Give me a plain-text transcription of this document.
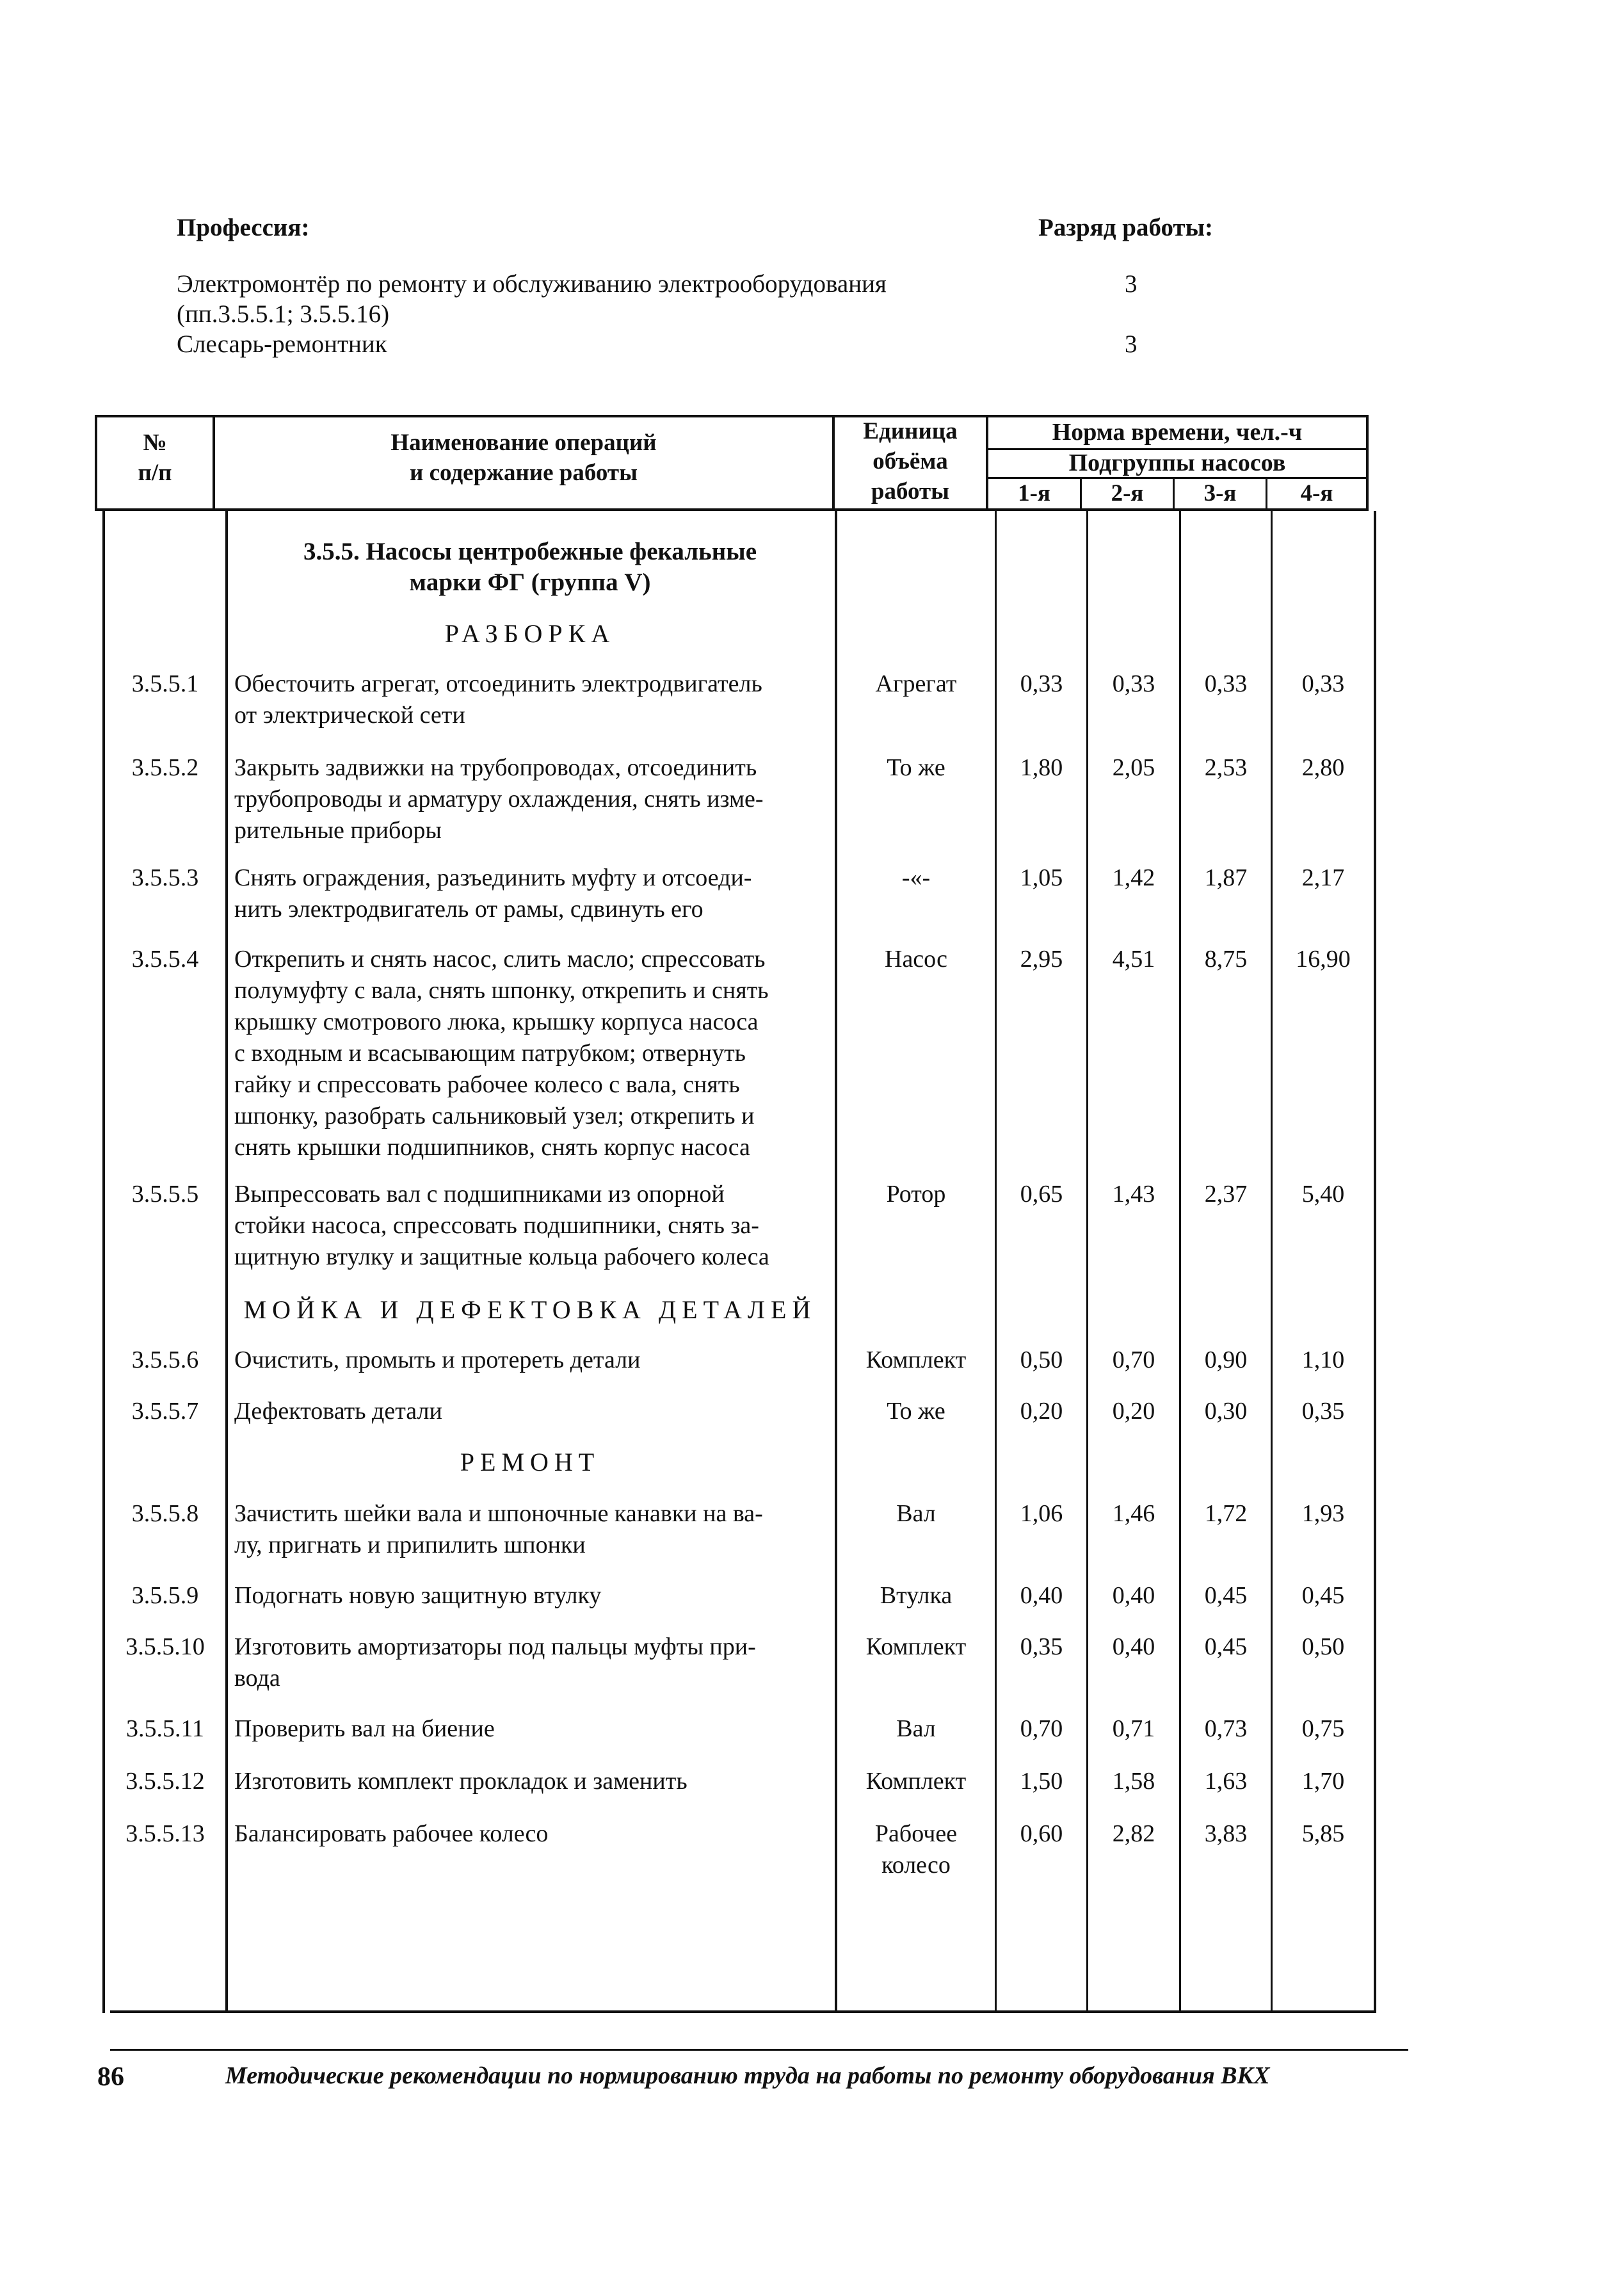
Профессия:	Разряд работы:
Электромонтёр по ремонту и обслуживанию электрооборудования	3
(пп.3.5.5.1; 3.5.5.16)
Слесарь-ремонтник	3
№
п/п
Наименование операций
и содержание работы
Единица
объёма
работы
Норма времени, чел.-ч
Подгруппы насосов
1-я	2-я	3-я	4-я
3.5.5. Насосы центробежные фекальные
марки ФГ (группа V)
РАЗБОРКА
МОЙКА И ДЕФЕКТОВКА ДЕТАЛЕЙ
РЕМОНТ
3.5.5.1	Обесточить агрегат, отсоединить электродвигатель
от электрической сети
Агрегат	0,33	0,33	0,33	0,33
3.5.5.2	Закрыть задвижки на трубопроводах, отсоединить
трубопроводы и арматуру охлаждения, снять изме-
рительные приборы
То же	1,80	2,05	2,53	2,80
3.5.5.3	Снять ограждения, разъединить муфту и отсоеди-
нить электродвигатель от рамы, сдвинуть его
-«-	1,05	1,42	1,87	2,17
3.5.5.4	Открепить и снять насос, слить масло; спрессовать
полумуфту с вала, снять шпонку, открепить и снять
крышку смотрового люка, крышку корпуса насоса
с входным и всасывающим патрубком; отвернуть
гайку и спрессовать рабочее колесо с вала, снять
шпонку, разобрать сальниковый узел; открепить и
снять крышки подшипников, снять корпус насоса
Насос	2,95	4,51	8,75	16,90
3.5.5.5	Выпрессовать вал с подшипниками из опорной
стойки насоса, спрессовать подшипники, снять за-
щитную втулку и защитные кольца рабочего колеса
Ротор	0,65	1,43	2,37	5,40
3.5.5.6	Очистить, промыть и протереть детали	Комплект	0,50	0,70	0,90	1,10
3.5.5.7	Дефектовать детали	То же	0,20	0,20	0,30	0,35
3.5.5.8	Зачистить шейки вала и шпоночные канавки на ва-
лу, пригнать и припилить шпонки
Вал	1,06	1,46	1,72	1,93
3.5.5.9	Подогнать новую защитную втулку	Втулка	0,40	0,40	0,45	0,45
3.5.5.10	Изготовить амортизаторы под пальцы муфты при-
вода
Комплект	0,35	0,40	0,45	0,50
3.5.5.11	Проверить вал на биение	Вал	0,70	0,71	0,73	0,75
3.5.5.12	Изготовить комплект прокладок и заменить	Комплект	1,50	1,58	1,63	1,70
3.5.5.13	Балансировать рабочее колесо	Рабочее
колесо
0,60	2,82	3,83	5,85
86	Методические рекомендации по нормированию труда на работы по ремонту оборудования ВКХ
